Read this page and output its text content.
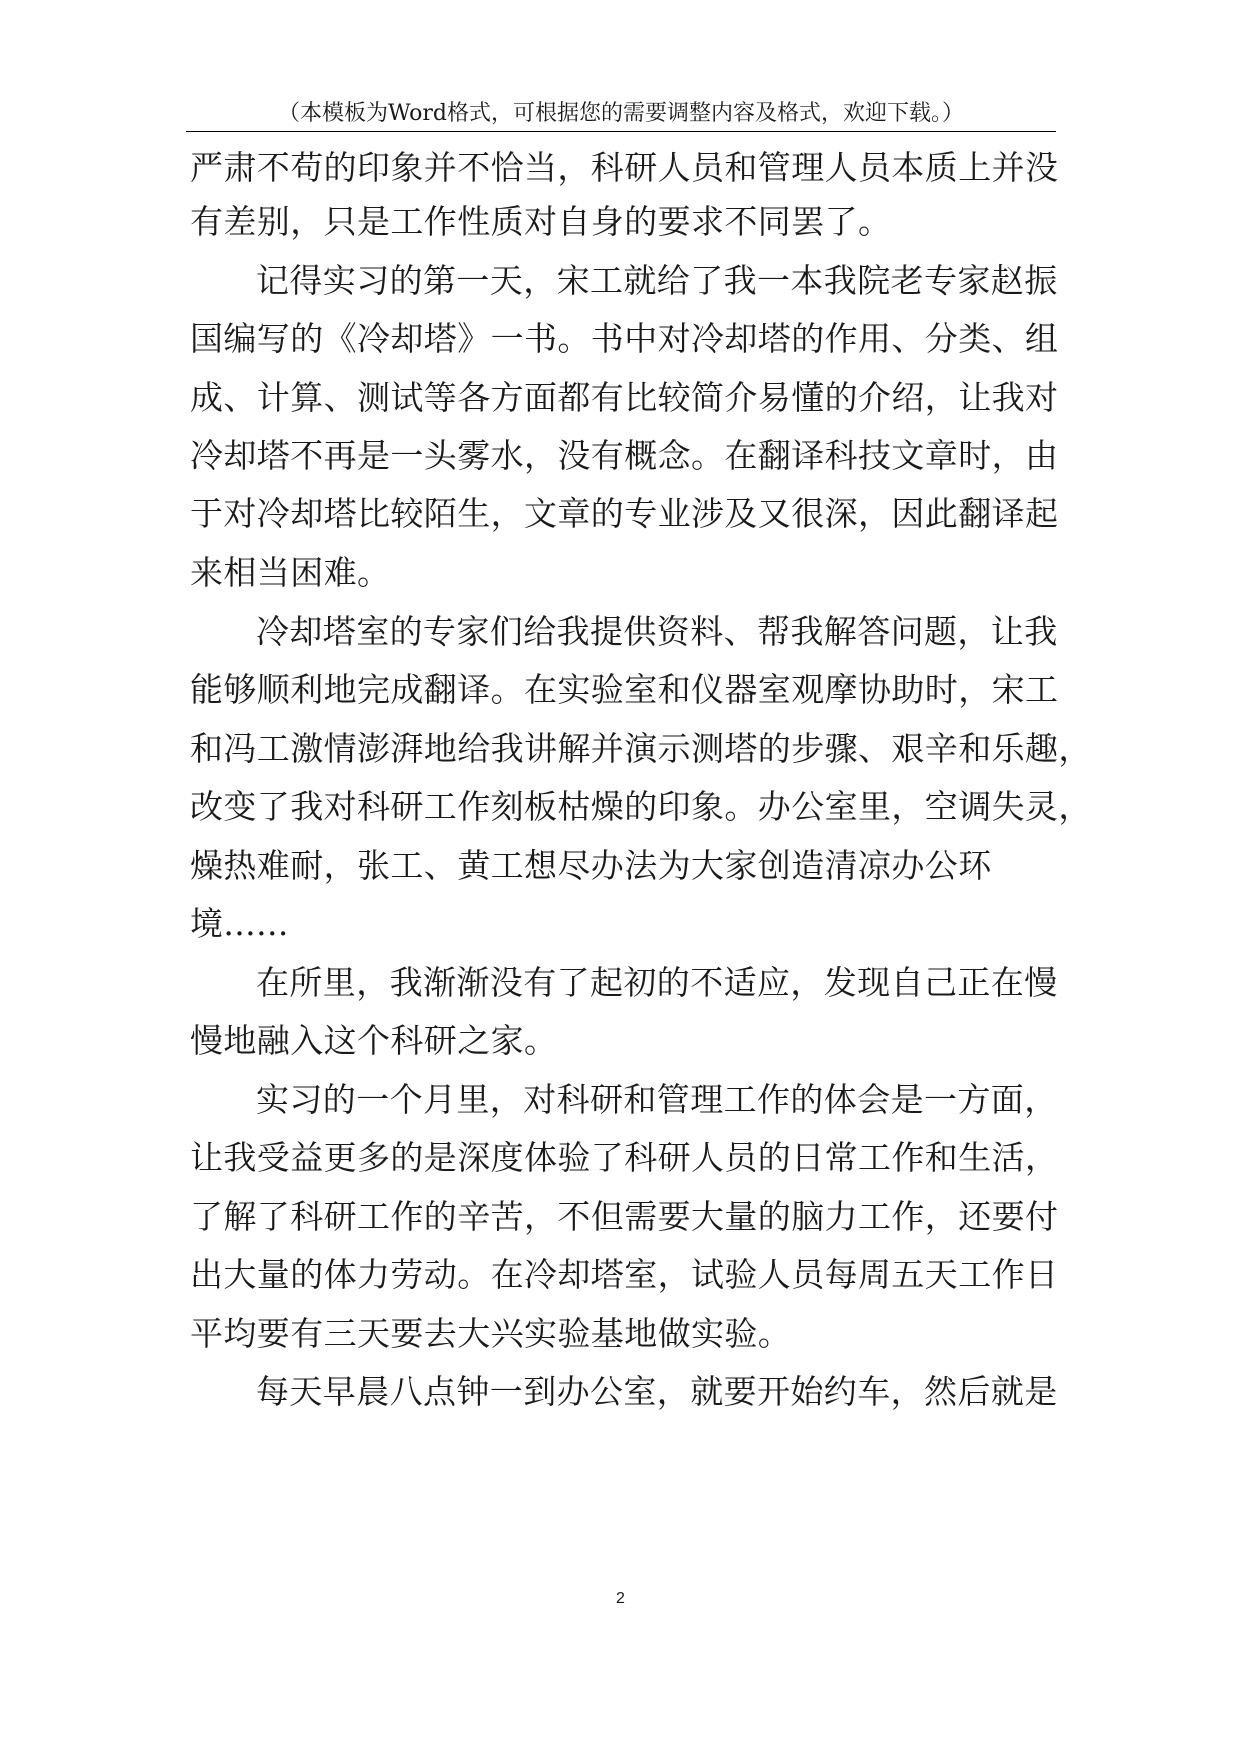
（本模板为Word格式，可根据您的需要调整内容及格式，欢迎下载。）
严肃不苟的印象并不恰当，科研人员和管理人员本质上并没
有差别，只是工作性质对自身的要求不同罢了。
记得实习的第一天，宋工就给了我一本我院老专家赵振
国编写的《冷却塔》一书。书中对冷却塔的作用、分类、组
成、计算、测试等各方面都有比较简介易懂的介绍，让我对
冷却塔不再是一头雾水，没有概念。在翻译科技文章时，由
于对冷却塔比较陌生，文章的专业涉及又很深，因此翻译起
来相当困难。
冷却塔室的专家们给我提供资料、帮我解答问题，让我
能够顺利地完成翻译。在实验室和仪器室观摩协助时，宋工
和冯工激情澎湃地给我讲解并演示测塔的步骤、艰辛和乐趣，
改变了我对科研工作刻板枯燥的印象。办公室里，空调失灵，
燥热难耐，张工、黄工想尽办法为大家创造清凉办公环
境......
在所里，我渐渐没有了起初的不适应，发现自己正在慢
慢地融入这个科研之家。
实习的一个月里，对科研和管理工作的体会是一方面，
让我受益更多的是深度体验了科研人员的日常工作和生活，
了解了科研工作的辛苦，不但需要大量的脑力工作，还要付
出大量的体力劳动。在冷却塔室，试验人员每周五天工作日
平均要有三天要去大兴实验基地做实验。
每天早晨八点钟一到办公室，就要开始约车，然后就是
2
